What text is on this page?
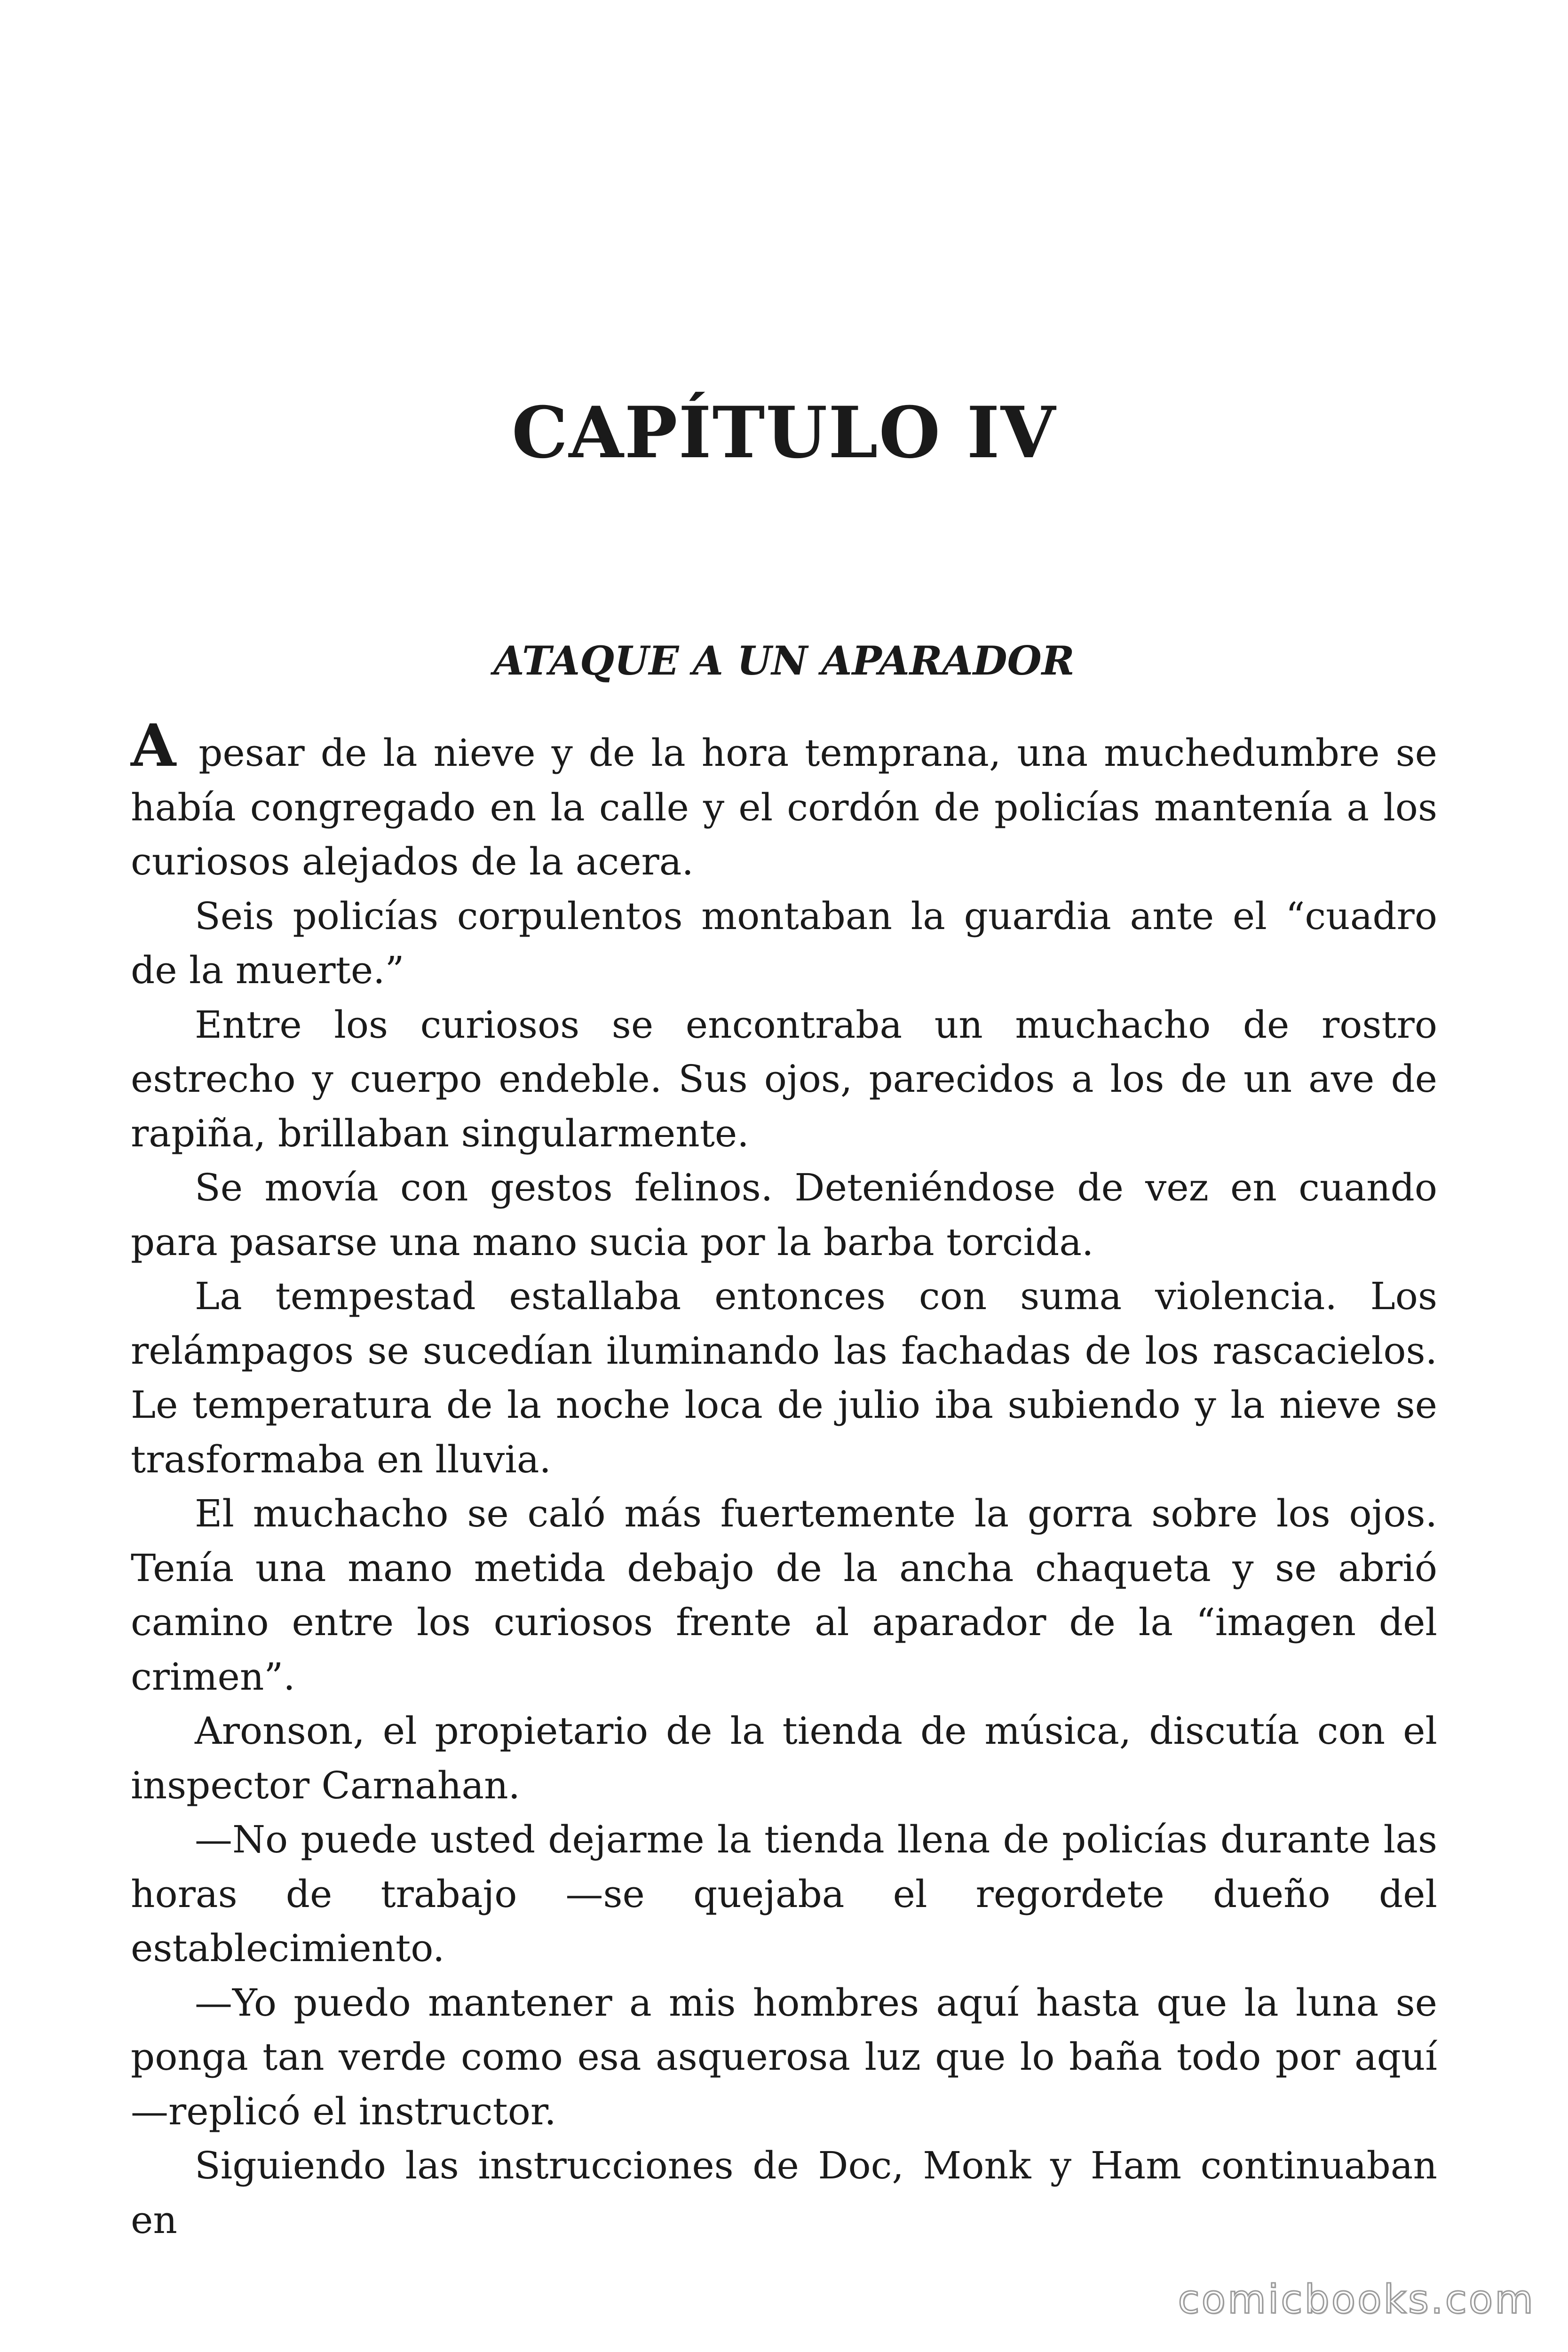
CAPÍTULO IV
ATAQUE A UN APARADOR

A pesar de la nieve y de la hora temprana, una muchedumbre se había congregado en la calle y el cordón de policías mantenía a los curiosos alejados de la acera.

Seis policías corpulentos montaban la guardia ante el “cuadro de la muerte.”

Entre los curiosos se encontraba un muchacho de rostro estrecho y cuerpo endeble. Sus ojos, parecidos a los de un ave de rapiña, brillaban singularmente.

Se movía con gestos felinos. Deteniéndose de vez en cuando para pasarse una mano sucia por la barba torcida.

La tempestad estallaba entonces con suma violencia. Los relámpagos se sucedían iluminando las fachadas de los rascacielos. Le temperatura de la noche loca de julio iba subiendo y la nieve se trasformaba en lluvia.

El muchacho se caló más fuertemente la gorra sobre los ojos. Tenía una mano metida debajo de la ancha chaqueta y se abrió camino entre los curiosos frente al aparador de la “imagen del crimen”.

Aronson, el propietario de la tienda de música, discutía con el inspector Carnahan.

—No puede usted dejarme la tienda llena de policías durante las horas de trabajo —se quejaba el regordete dueño del establecimiento.

—Yo puedo mantener a mis hombres aquí hasta que la luna se ponga tan verde como esa asquerosa luz que lo baña todo por aquí —replicó el instructor.

Siguiendo las instrucciones de Doc, Monk y Ham continuaban en

comicbooks.com
